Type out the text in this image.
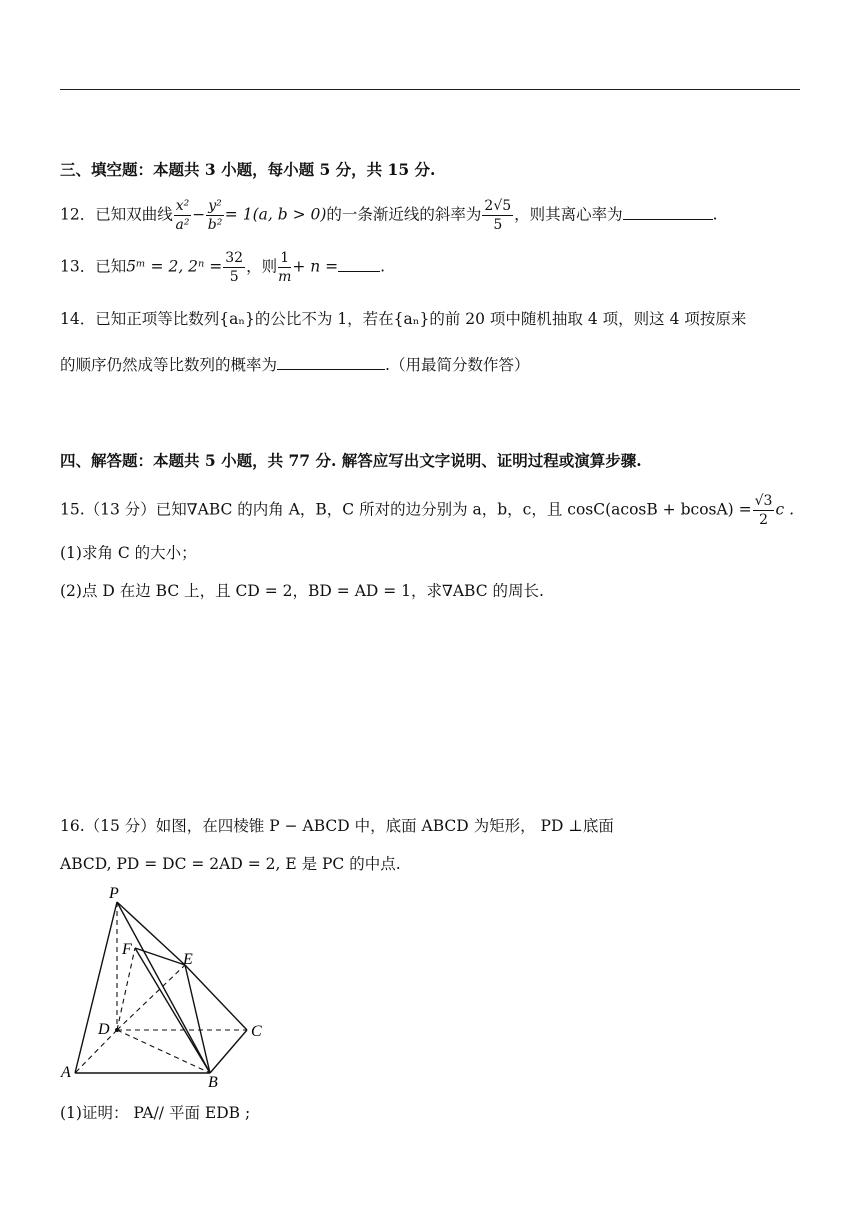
三、填空题：本题共 3 小题，每小题 5 分，共 15 分.
12．已知双曲线 $\frac{\text{x²}}{\text{a²}} - \frac{\text{y²}}{\text{b²}} = 1(a$, b > 0)的一条渐近线的斜率为 $\frac{2√5}{5}$ ，则其离心率为	.
13．已知5ᵐ = 2, $2^n = \frac{32}{5}$ ，则 $\frac{1}{m} + n$ =	.
14．已知正项等比数列{aₙ}的公比不为 1，若在{aₙ}的前 20 项中随机抽取 4 项，则这 4 项按原来
的顺序仍然成等比数列的概率为	.（用最简分数作答）
四、解答题：本题共 5 小题，共 77 分. 解答应写出文字说明、证明过程或演算步骤.
15.（13 分）已知∇ABC 的内角 A，B，C 所对的边分别为 a，b，c，且 $\cos C(acosB + bcosA) = \frac{√3}{2}$ c .
(1)求角 C 的大小；
(2)点 D 在边 BC 上，且 CD = 2，BD = AD = 1，求∇ABC 的周长.
16.（15 分）如图，在四棱锥 P − ABCD 中，底面 ABCD 为矩形， PD ⊥底面
ABCD, PD = DC = 2AD = 2, E 是 PC 的中点.
P
F
E
D	C
A
B
(1)证明： PA// 平面 EDB ;
